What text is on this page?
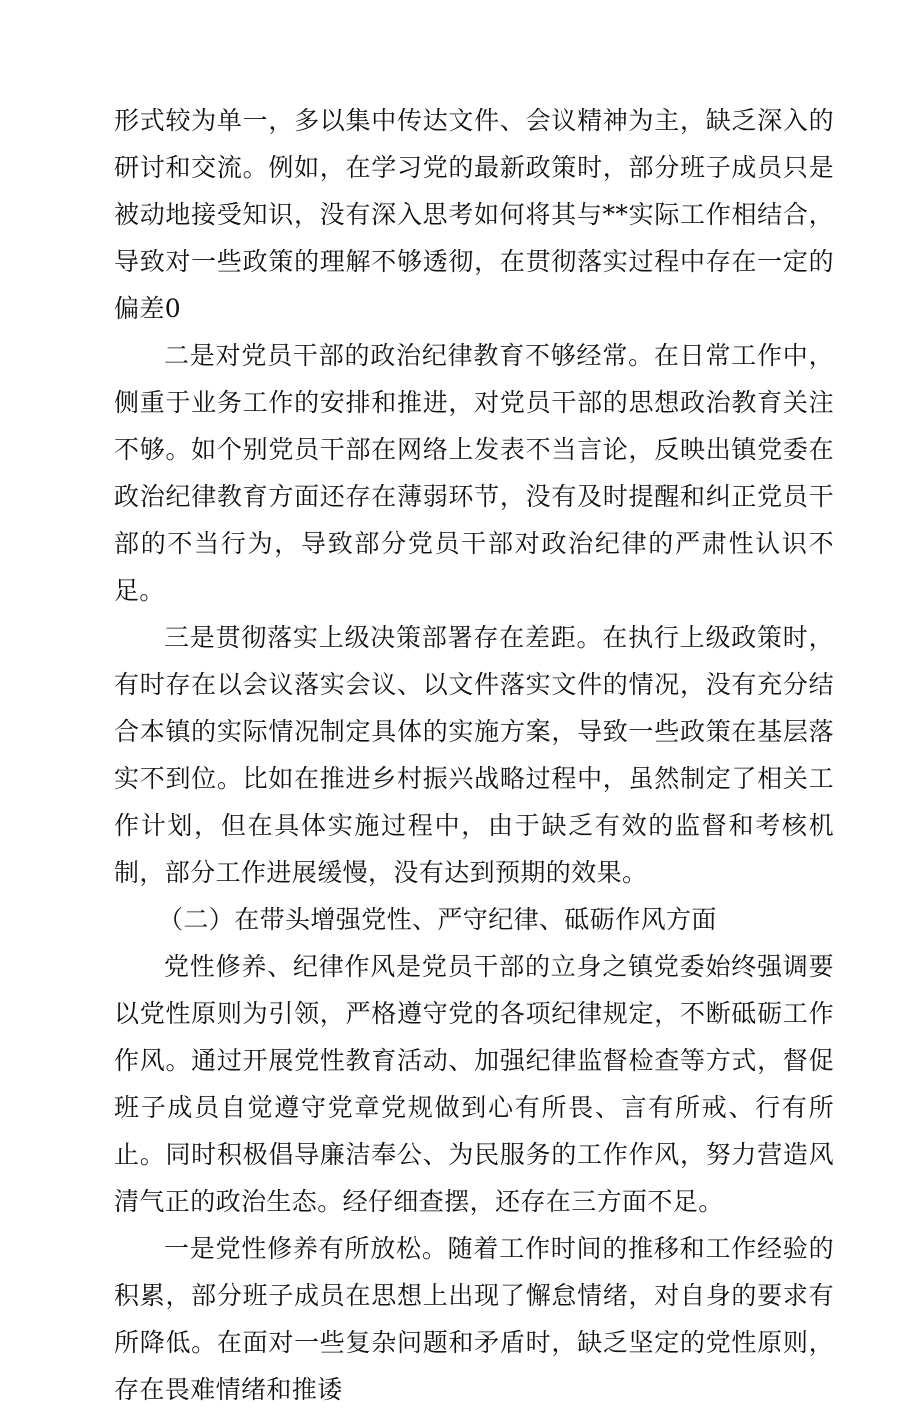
形式较为单一，多以集中传达文件、会议精神为主，缺乏深入的研讨和交流。例如，在学习党的最新政策时，部分班子成员只是被动地接受知识，没有深入思考如何将其与**实际工作相结合，导致对一些政策的理解不够透彻，在贯彻落实过程中存在一定的偏差0

二是对党员干部的政治纪律教育不够经常。在日常工作中，侧重于业务工作的安排和推进，对党员干部的思想政治教育关注不够。如个别党员干部在网络上发表不当言论，反映出镇党委在政治纪律教育方面还存在薄弱环节，没有及时提醒和纠正党员干部的不当行为，导致部分党员干部对政治纪律的严肃性认识不足。

三是贯彻落实上级决策部署存在差距。在执行上级政策时，有时存在以会议落实会议、以文件落实文件的情况，没有充分结合本镇的实际情况制定具体的实施方案，导致一些政策在基层落实不到位。比如在推进乡村振兴战略过程中，虽然制定了相关工作计划，但在具体实施过程中，由于缺乏有效的监督和考核机制，部分工作进展缓慢，没有达到预期的效果。

（二）在带头增强党性、严守纪律、砥砺作风方面

党性修养、纪律作风是党员干部的立身之镇党委始终强调要以党性原则为引领，严格遵守党的各项纪律规定，不断砥砺工作作风。通过开展党性教育活动、加强纪律监督检查等方式，督促班子成员自觉遵守党章党规做到心有所畏、言有所戒、行有所止。同时积极倡导廉洁奉公、为民服务的工作作风，努力营造风清气正的政治生态。经仔细查摆，还存在三方面不足。

一是党性修养有所放松。随着工作时间的推移和工作经验的积累，部分班子成员在思想上出现了懈怠情绪，对自身的要求有所降低。在面对一些复杂问题和矛盾时，缺乏坚定的党性原则，存在畏难情绪和推诿
